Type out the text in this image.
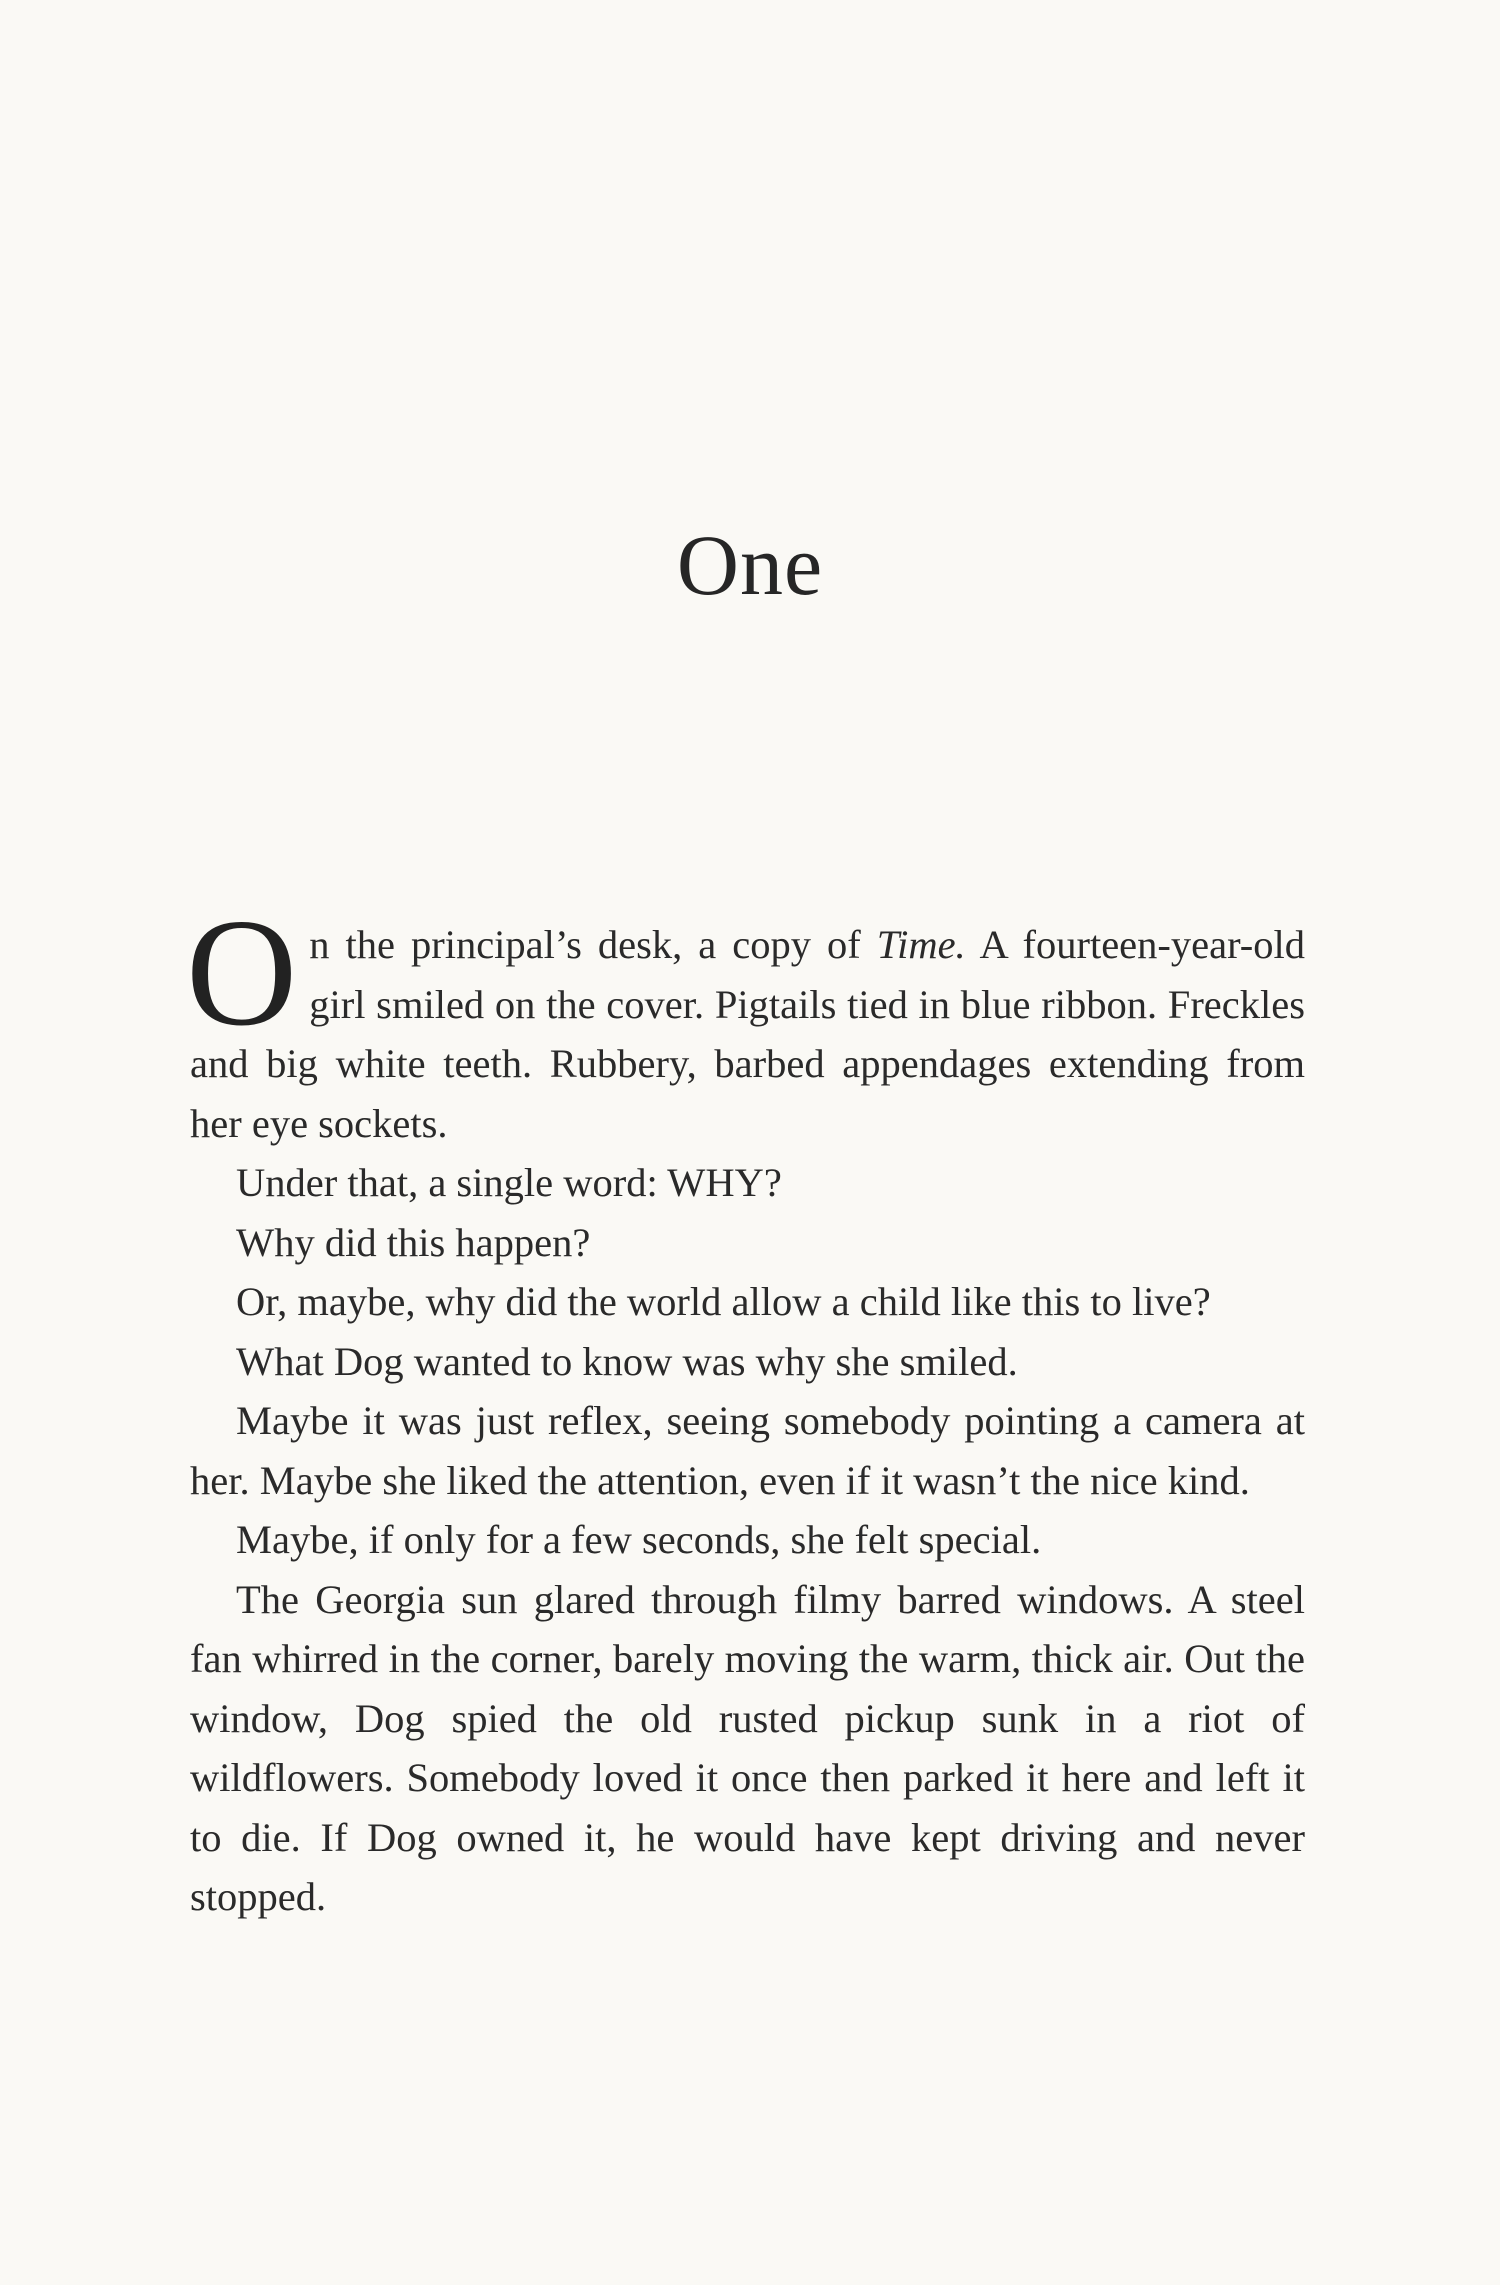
One

On the principal’s desk, a copy of Time. A fourteen-year-old girl smiled on the cover. Pigtails tied in blue ribbon. Freckles and big white teeth. Rubbery, barbed appendages extending from her eye sockets.

Under that, a single word: WHY?

Why did this happen?

Or, maybe, why did the world allow a child like this to live?

What Dog wanted to know was why she smiled.

Maybe it was just reflex, seeing somebody pointing a camera at her. Maybe she liked the attention, even if it wasn’t the nice kind.

Maybe, if only for a few seconds, she felt special.

The Georgia sun glared through filmy barred windows. A steel fan whirred in the corner, barely moving the warm, thick air. Out the window, Dog spied the old rusted pickup sunk in a riot of wildflowers. Somebody loved it once then parked it here and left it to die. If Dog owned it, he would have kept driving and never stopped.
